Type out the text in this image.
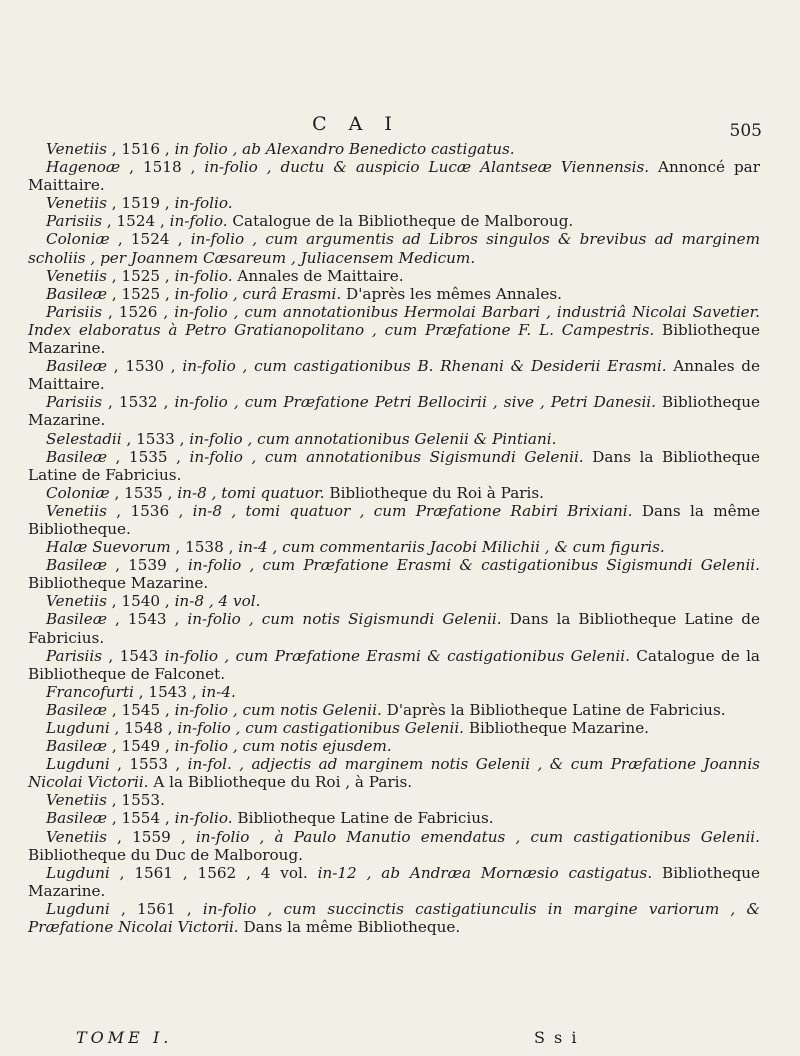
C A I	505

Venetiis , 1516 , in folio , ab Alexandro Benedicto castigatus.

Hagenoæ , 1518 , in-folio , ductu & auspicio Lucæ Alantseæ Viennensis. Annoncé par Maittaire.

Venetiis , 1519 , in-folio.

Parisiis , 1524 , in-folio. Catalogue de la Bibliotheque de Malboroug.

Coloniæ , 1524 , in-folio , cum argumentis ad Libros singulos & brevibus ad marginem scholiis , per Joannem Cæsareum , Juliacensem Medicum.

Venetiis , 1525 , in-folio. Annales de Maittaire.

Basileæ , 1525 , in-folio , curâ Erasmi. D'après les mêmes Annales.

Parisiis , 1526 , in-folio , cum annotationibus Hermolai Barbari , industriâ Nicolai Savetier. Index elaboratus à Petro Gratianopolitano , cum Præfatione F. L. Campestris. Bibliotheque Mazarine.

Basileæ , 1530 , in-folio , cum castigationibus B. Rhenani & Desiderii Erasmi. Annales de Maittaire.

Parisiis , 1532 , in-folio , cum Præfatione Petri Bellocirii , sive , Petri Danesii. Bibliotheque Mazarine.

Selestadii , 1533 , in-folio , cum annotationibus Gelenii & Pintiani.

Basileæ , 1535 , in-folio , cum annotationibus Sigismundi Gelenii. Dans la Bibliotheque Latine de Fabricius.

Coloniæ , 1535 , in-8 , tomi quatuor. Bibliotheque du Roi à Paris.

Venetiis , 1536 , in-8 , tomi quatuor , cum Præfatione Rabiri Brixiani. Dans la même Bibliotheque.

Halæ Suevorum , 1538 , in-4 , cum commentariis Jacobi Milichii , & cum figuris.

Basileæ , 1539 , in-folio , cum Præfatione Erasmi & castigationibus Sigismundi Gelenii. Bibliotheque Mazarine.

Venetiis , 1540 , in-8 , 4 vol.

Basileæ , 1543 , in-folio , cum notis Sigismundi Gelenii. Dans la Bibliotheque Latine de Fabricius.

Parisiis , 1543 in-folio , cum Præfatione Erasmi & castigationibus Gelenii. Catalogue de la Bibliotheque de Falconet.

Francofurti , 1543 , in-4.

Basileæ , 1545 , in-folio , cum notis Gelenii. D'après la Bibliotheque Latine de Fabricius.

Lugduni , 1548 , in-folio , cum castigationibus Gelenii. Bibliotheque Mazarine.

Basileæ , 1549 , in-folio , cum notis ejusdem.

Lugduni , 1553 , in-fol. , adjectis ad marginem notis Gelenii , & cum Præfatione Joannis Nicolai Victorii. A la Bibliotheque du Roi , à Paris.

Venetiis , 1553.

Basileæ , 1554 , in-folio. Bibliotheque Latine de Fabricius.

Venetiis , 1559 , in-folio , à Paulo Manutio emendatus , cum castigationibus Gelenii. Bibliotheque du Duc de Malboroug.

Lugduni , 1561 , 1562 , 4 vol. in-12 , ab Andræa Mornæsio castigatus. Bibliotheque Mazarine.

Lugduni , 1561 , in-folio , cum succinctis castigatiunculis in margine variorum , & Præfatione Nicolai Victorii. Dans la même Bibliotheque.

TOME I.	S s i
